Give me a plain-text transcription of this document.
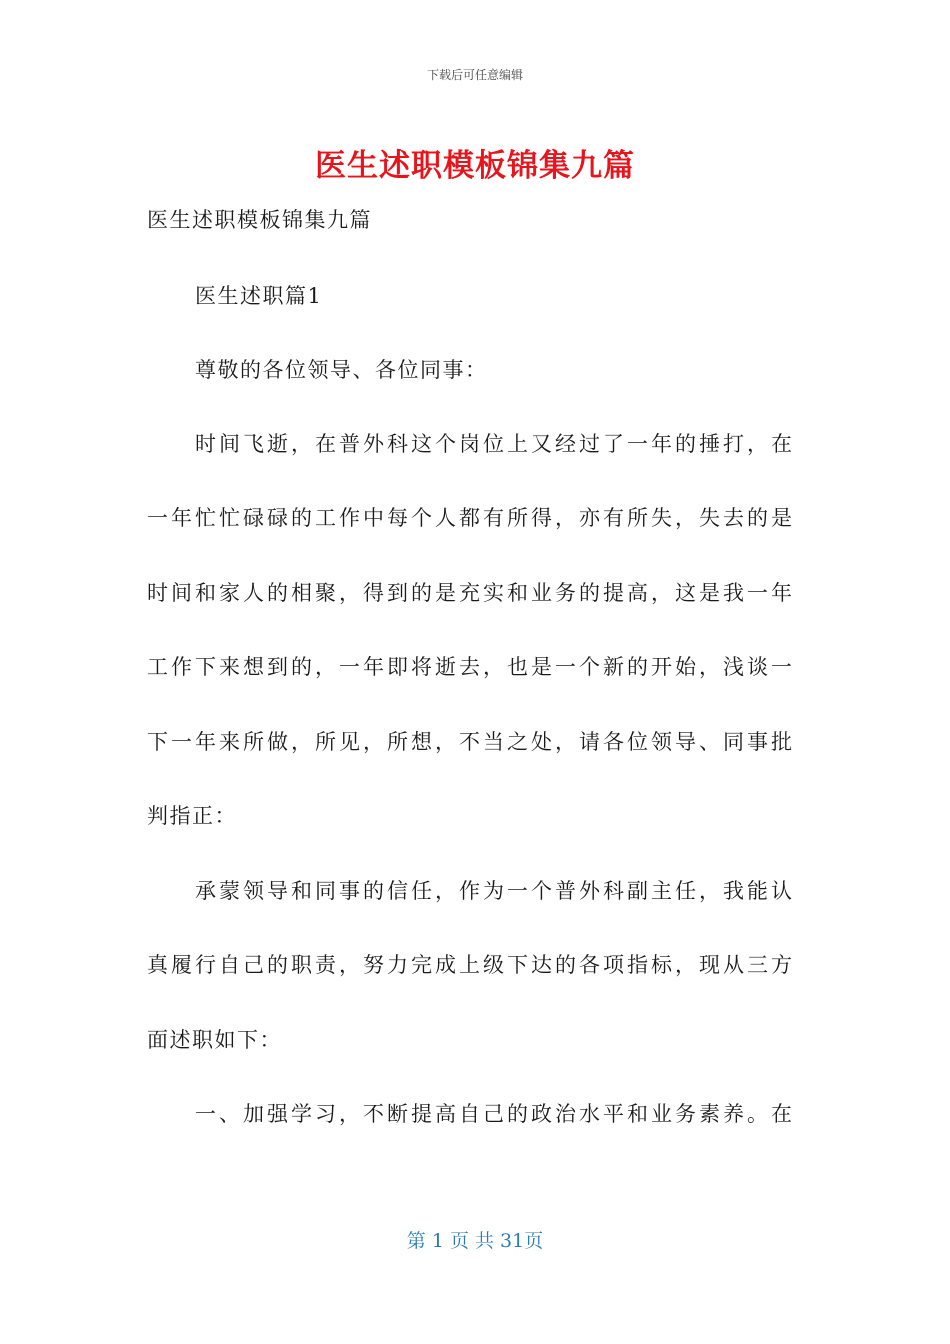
下载后可任意编辑
医生述职模板锦集九篇
医生述职模板锦集九篇
医生述职篇1
尊敬的各位领导、各位同事：
时间飞逝，在普外科这个岗位上又经过了一年的捶打，在
一年忙忙碌碌的工作中每个人都有所得，亦有所失，失去的是
时间和家人的相聚，得到的是充实和业务的提高，这是我一年
工作下来想到的，一年即将逝去，也是一个新的开始，浅谈一
下一年来所做，所见，所想，不当之处，请各位领导、同事批
判指正：
承蒙领导和同事的信任，作为一个普外科副主任，我能认
真履行自己的职责，努力完成上级下达的各项指标，现从三方
面述职如下：
一、加强学习，不断提高自己的政治水平和业务素养。在
第 1 页 共 31页
